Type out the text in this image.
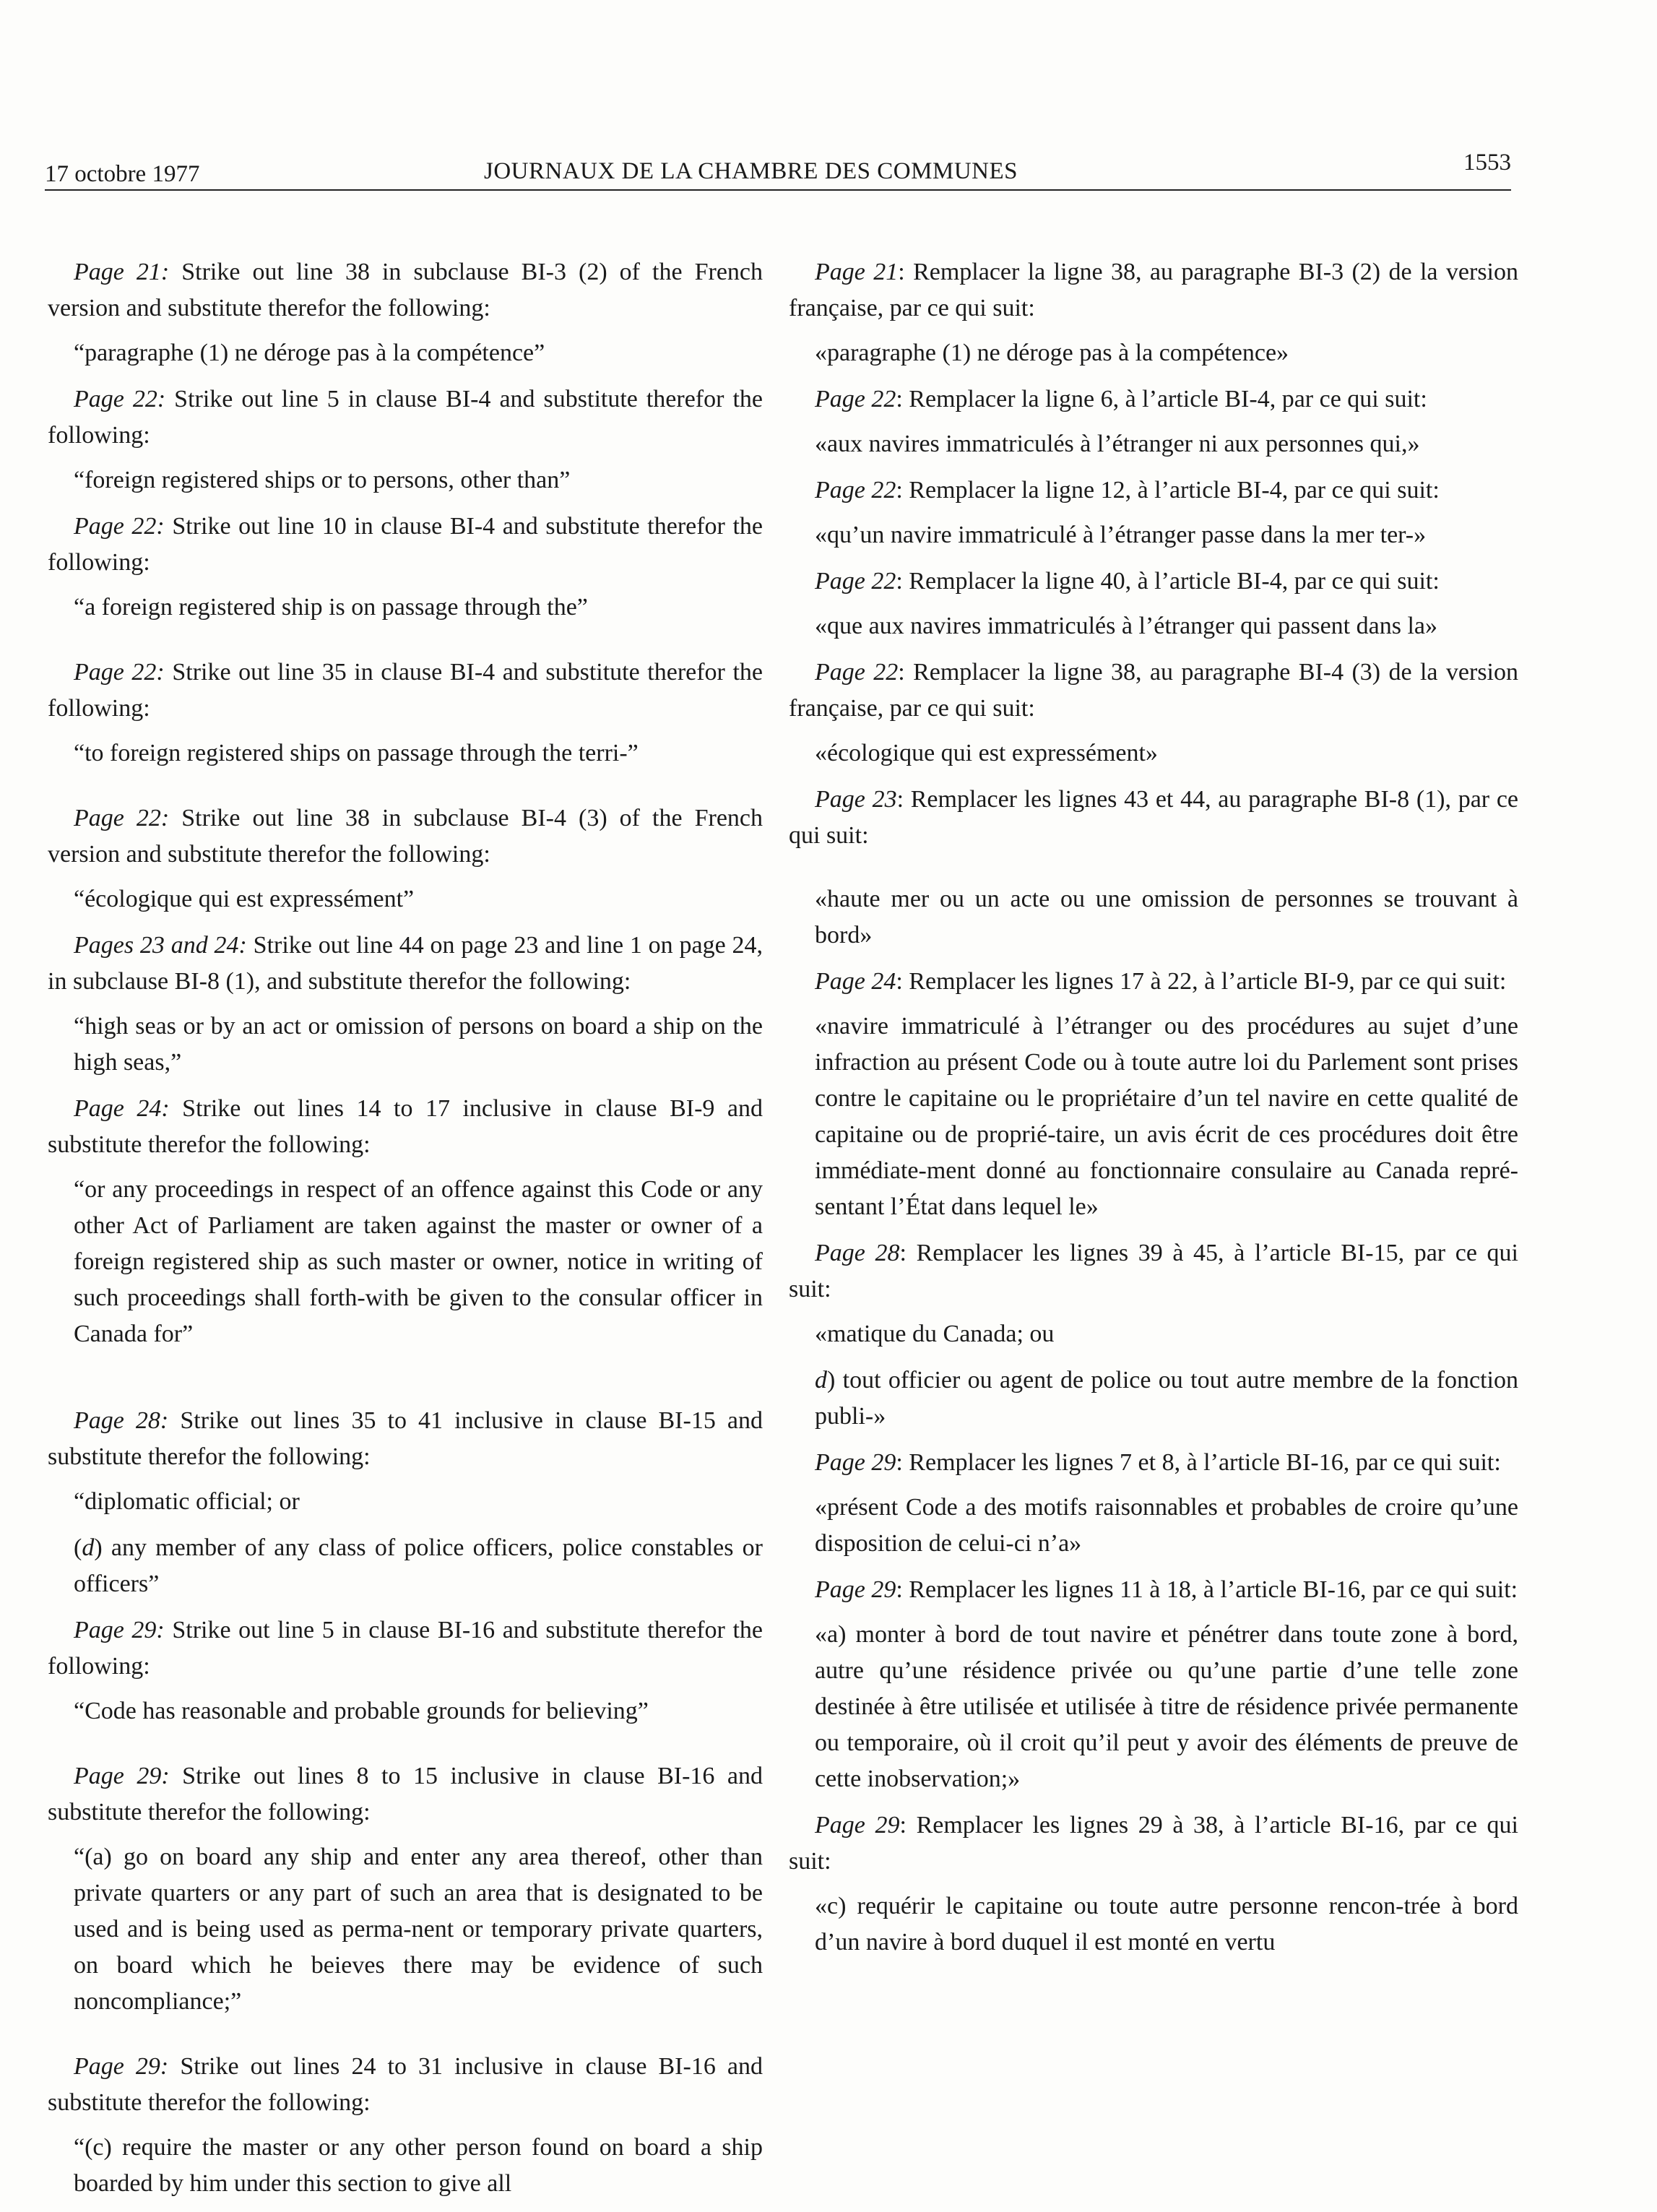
17 octobre 1977	JOURNAUX DE LA CHAMBRE DES COMMUNES	1553

Page 21: Strike out line 38 in subclause BI-3 (2) of the French version and substitute therefor the following:

“paragraphe (1) ne déroge pas à la compétence”

Page 22: Strike out line 5 in clause BI-4 and substitute therefor the following:

“foreign registered ships or to persons, other than”

Page 22: Strike out line 10 in clause BI-4 and substitute therefor the following:

“a foreign registered ship is on passage through the”

Page 22: Strike out line 35 in clause BI-4 and substitute therefor the following:

“to foreign registered ships on passage through the terri-”

Page 22: Strike out line 38 in subclause BI-4 (3) of the French version and substitute therefor the following:

“écologique qui est expressément”

Pages 23 and 24: Strike out line 44 on page 23 and line 1 on page 24, in subclause BI-8 (1), and substitute therefor the following:

“high seas or by an act or omission of persons on board a ship on the high seas,”

Page 24: Strike out lines 14 to 17 inclusive in clause BI-9 and substitute therefor the following:

“or any proceedings in respect of an offence against this Code or any other Act of Parliament are taken against the master or owner of a foreign registered ship as such master or owner, notice in writing of such proceedings shall forth-with be given to the consular officer in Canada for”

Page 28: Strike out lines 35 to 41 inclusive in clause BI-15 and substitute therefor the following:

“diplomatic official; or

(d) any member of any class of police officers, police constables or officers”

Page 29: Strike out line 5 in clause BI-16 and substitute therefor the following:

“Code has reasonable and probable grounds for believing”

Page 29: Strike out lines 8 to 15 inclusive in clause BI-16 and substitute therefor the following:

“(a) go on board any ship and enter any area thereof, other than private quarters or any part of such an area that is designated to be used and is being used as perma-nent or temporary private quarters, on board which he beieves there may be evidence of such noncompliance;”

Page 29: Strike out lines 24 to 31 inclusive in clause BI-16 and substitute therefor the following:

“(c) require the master or any other person found on board a ship boarded by him under this section to give all

Page 21: Remplacer la ligne 38, au paragraphe BI-3 (2) de la version française, par ce qui suit:

«paragraphe (1) ne déroge pas à la compétence»

Page 22: Remplacer la ligne 6, à l’article BI-4, par ce qui suit:

«aux navires immatriculés à l’étranger ni aux personnes qui,»

Page 22: Remplacer la ligne 12, à l’article BI-4, par ce qui suit:

«qu’un navire immatriculé à l’étranger passe dans la mer ter-»

Page 22: Remplacer la ligne 40, à l’article BI-4, par ce qui suit:

«que aux navires immatriculés à l’étranger qui passent dans la»

Page 22: Remplacer la ligne 38, au paragraphe BI-4 (3) de la version française, par ce qui suit:

«écologique qui est expressément»

Page 23: Remplacer les lignes 43 et 44, au paragraphe BI-8 (1), par ce qui suit:

«haute mer ou un acte ou une omission de personnes se trouvant à bord»

Page 24: Remplacer les lignes 17 à 22, à l’article BI-9, par ce qui suit:

«navire immatriculé à l’étranger ou des procédures au sujet d’une infraction au présent Code ou à toute autre loi du Parlement sont prises contre le capitaine ou le propriétaire d’un tel navire en cette qualité de capitaine ou de proprié-taire, un avis écrit de ces procédures doit être immédiate-ment donné au fonctionnaire consulaire au Canada repré-sentant l’État dans lequel le»

Page 28: Remplacer les lignes 39 à 45, à l’article BI-15, par ce qui suit:

«matique du Canada; ou

d) tout officier ou agent de police ou tout autre membre de la fonction publi-»

Page 29: Remplacer les lignes 7 et 8, à l’article BI-16, par ce qui suit:

«présent Code a des motifs raisonnables et probables de croire qu’une disposition de celui-ci n’a»

Page 29: Remplacer les lignes 11 à 18, à l’article BI-16, par ce qui suit:

«a) monter à bord de tout navire et pénétrer dans toute zone à bord, autre qu’une résidence privée ou qu’une partie d’une telle zone destinée à être utilisée et utilisée à titre de résidence privée permanente ou temporaire, où il croit qu’il peut y avoir des éléments de preuve de cette inobservation;»

Page 29: Remplacer les lignes 29 à 38, à l’article BI-16, par ce qui suit:

«c) requérir le capitaine ou toute autre personne rencon-trée à bord d’un navire à bord duquel il est monté en vertu
